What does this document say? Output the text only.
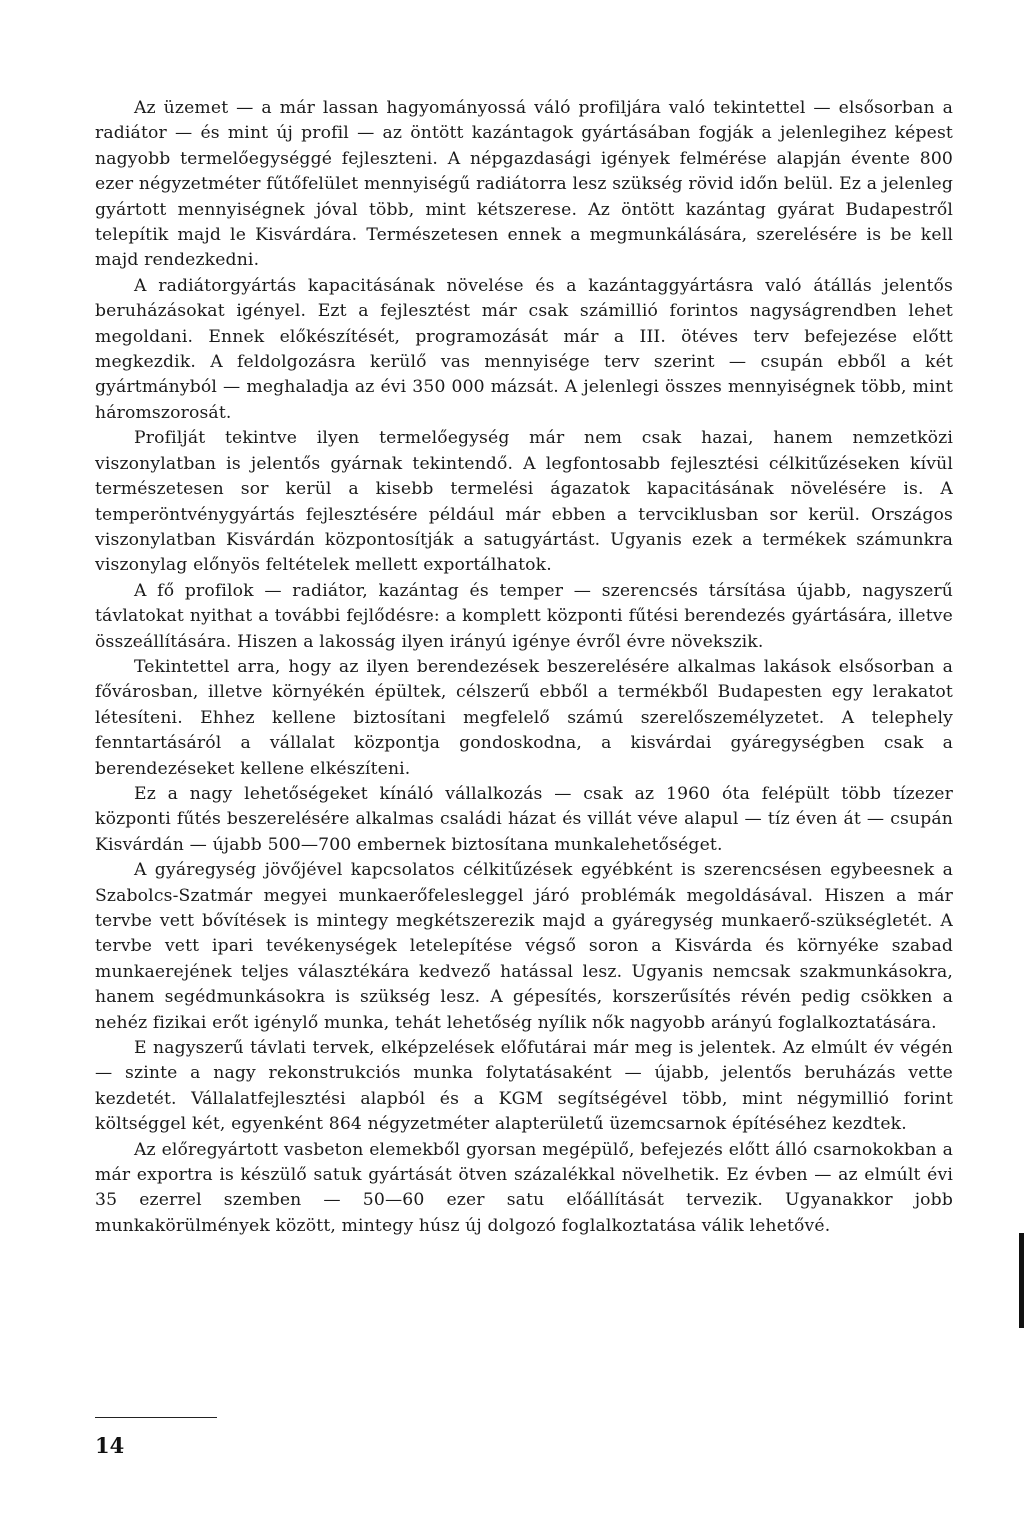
Az üzemet — a már lassan hagyományossá váló profiljára való tekintettel — elsősorban a radiátor — és mint új profil — az öntött kazántagok gyártásában fogják a jelenlegihez képest nagyobb termelőegységgé fejleszteni. A népgazdasági igények felmérése alapján évente 800 ezer négyzetméter fűtőfelület mennyiségű radiátorra lesz szükség rövid időn belül. Ez a jelenleg gyártott mennyiségnek jóval több, mint kétszerese. Az öntött kazántag gyárat Budapestről telepítik majd le Kisvárdára. Természetesen ennek a megmunkálására, szerelésére is be kell majd rendezkedni.

A radiátorgyártás kapacitásának növelése és a kazántaggyártásra való átállás jelentős beruházásokat igényel. Ezt a fejlesztést már csak számillió forintos nagyságrendben lehet megoldani. Ennek előkészítését, programozását már a III. ötéves terv befejezése előtt megkezdik. A feldolgozásra kerülő vas mennyisége terv szerint — csupán ebből a két gyártmányból — meghaladja az évi 350 000 mázsát. A jelenlegi összes mennyiségnek több, mint háromszorosát.

Profilját tekintve ilyen termelőegység már nem csak hazai, hanem nemzetközi viszonylatban is jelentős gyárnak tekintendő. A legfontosabb fejlesztési célkitűzéseken kívül természetesen sor kerül a kisebb termelési ágazatok kapacitásának növelésére is. A temperöntvénygyártás fejlesztésére például már ebben a tervciklusban sor kerül. Országos viszonylatban Kisvárdán központosítják a satugyártást. Ugyanis ezek a termékek számunkra viszonylag előnyös feltételek mellett exportálhatok.

A fő profilok — radiátor, kazántag és temper — szerencsés társítása újabb, nagyszerű távlatokat nyithat a további fejlődésre: a komplett központi fűtési berendezés gyártására, illetve összeállítására. Hiszen a lakosság ilyen irányú igénye évről évre növekszik.

Tekintettel arra, hogy az ilyen berendezések beszerelésére alkalmas lakások elsősorban a fővárosban, illetve környékén épültek, célszerű ebből a termékből Budapesten egy lerakatot létesíteni. Ehhez kellene biztosítani megfelelő számú szerelőszemélyzetet. A telephely fenntartásáról a vállalat központja gondoskodna, a kisvárdai gyáregységben csak a berendezéseket kellene elkészíteni.

Ez a nagy lehetőségeket kínáló vállalkozás — csak az 1960 óta felépült több tízezer központi fűtés beszerelésére alkalmas családi házat és villát véve alapul — tíz éven át — csupán Kisvárdán — újabb 500—700 embernek biztosítana munkalehetőséget.

A gyáregység jövőjével kapcsolatos célkitűzések egyébként is szerencsésen egybeesnek a Szabolcs-Szatmár megyei munkaerőfelesleggel járó problémák megoldásával. Hiszen a már tervbe vett bővítések is mintegy megkétszerezik majd a gyáregység munkaerő-szükségletét. A tervbe vett ipari tevékenységek letelepítése végső soron a Kisvárda és környéke szabad munkaerejének teljes választékára kedvező hatással lesz. Ugyanis nemcsak szakmunkásokra, hanem segédmunkásokra is szükség lesz. A gépesítés, korszerűsítés révén pedig csökken a nehéz fizikai erőt igénylő munka, tehát lehetőség nyílik nők nagyobb arányú foglalkoztatására.

E nagyszerű távlati tervek, elképzelések előfutárai már meg is jelentek. Az elmúlt év végén — szinte a nagy rekonstrukciós munka folytatásaként — újabb, jelentős beruházás vette kezdetét. Vállalatfejlesztési alapból és a KGM segítségével több, mint négymillió forint költséggel két, egyenként 864 négyzetméter alapterületű üzemcsarnok építéséhez kezdtek.

Az előregyártott vasbeton elemekből gyorsan megépülő, befejezés előtt álló csarnokokban a már exportra is készülő satuk gyártását ötven százalékkal növelhetik. Ez évben — az elmúlt évi 35 ezerrel szemben — 50—60 ezer satu előállítását tervezik. Ugyanakkor jobb munkakörülmények között, mintegy húsz új dolgozó foglalkoztatása válik lehetővé.

14
